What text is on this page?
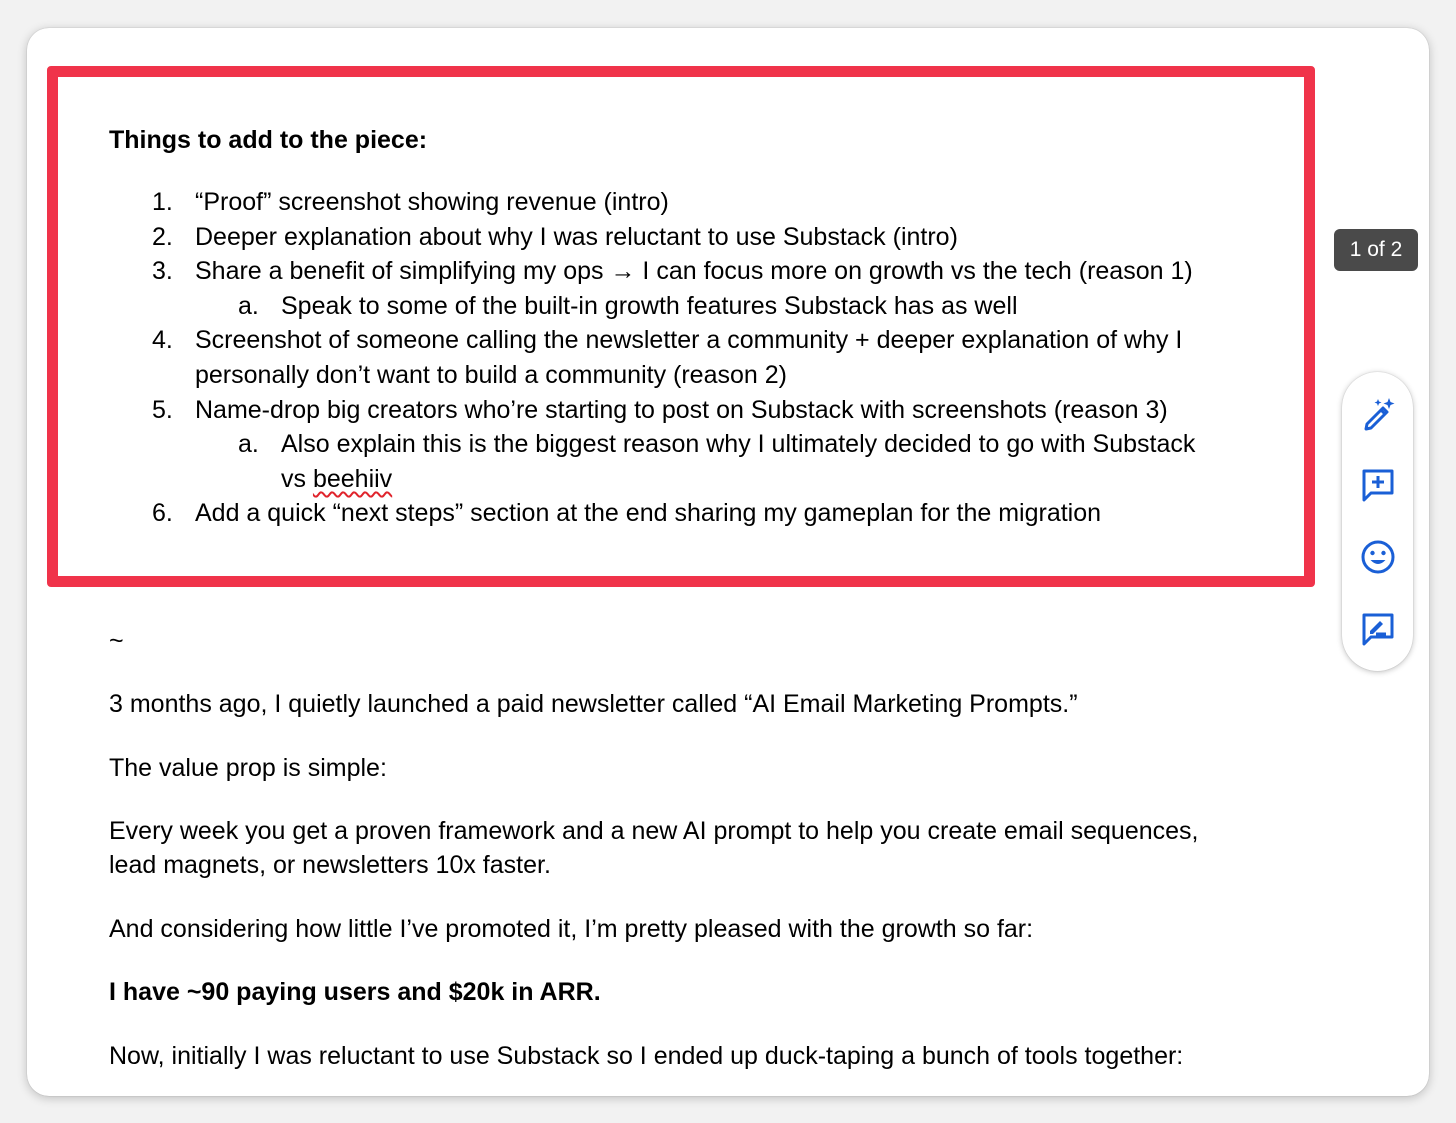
Things to add to the piece:
1. “Proof” screenshot showing revenue (intro)
2. Deeper explanation about why I was reluctant to use Substack (intro)
3. Share a benefit of simplifying my ops → I can focus more on growth vs the tech (reason 1)
a. Speak to some of the built-in growth features Substack has as well
4. Screenshot of someone calling the newsletter a community + deeper explanation of why I
personally don’t want to build a community (reason 2)
5. Name-drop big creators who’re starting to post on Substack with screenshots (reason 3)
a. Also explain this is the biggest reason why I ultimately decided to go with Substack
vs beehiiv
6. Add a quick “next steps” section at the end sharing my gameplan for the migration
~
3 months ago, I quietly launched a paid newsletter called “AI Email Marketing Prompts.”
The value prop is simple:
Every week you get a proven framework and a new AI prompt to help you create email sequences,
lead magnets, or newsletters 10x faster.
And considering how little I’ve promoted it, I’m pretty pleased with the growth so far:
I have ~90 paying users and $20k in ARR.
Now, initially I was reluctant to use Substack so I ended up duck-taping a bunch of tools together:
1 of 2
